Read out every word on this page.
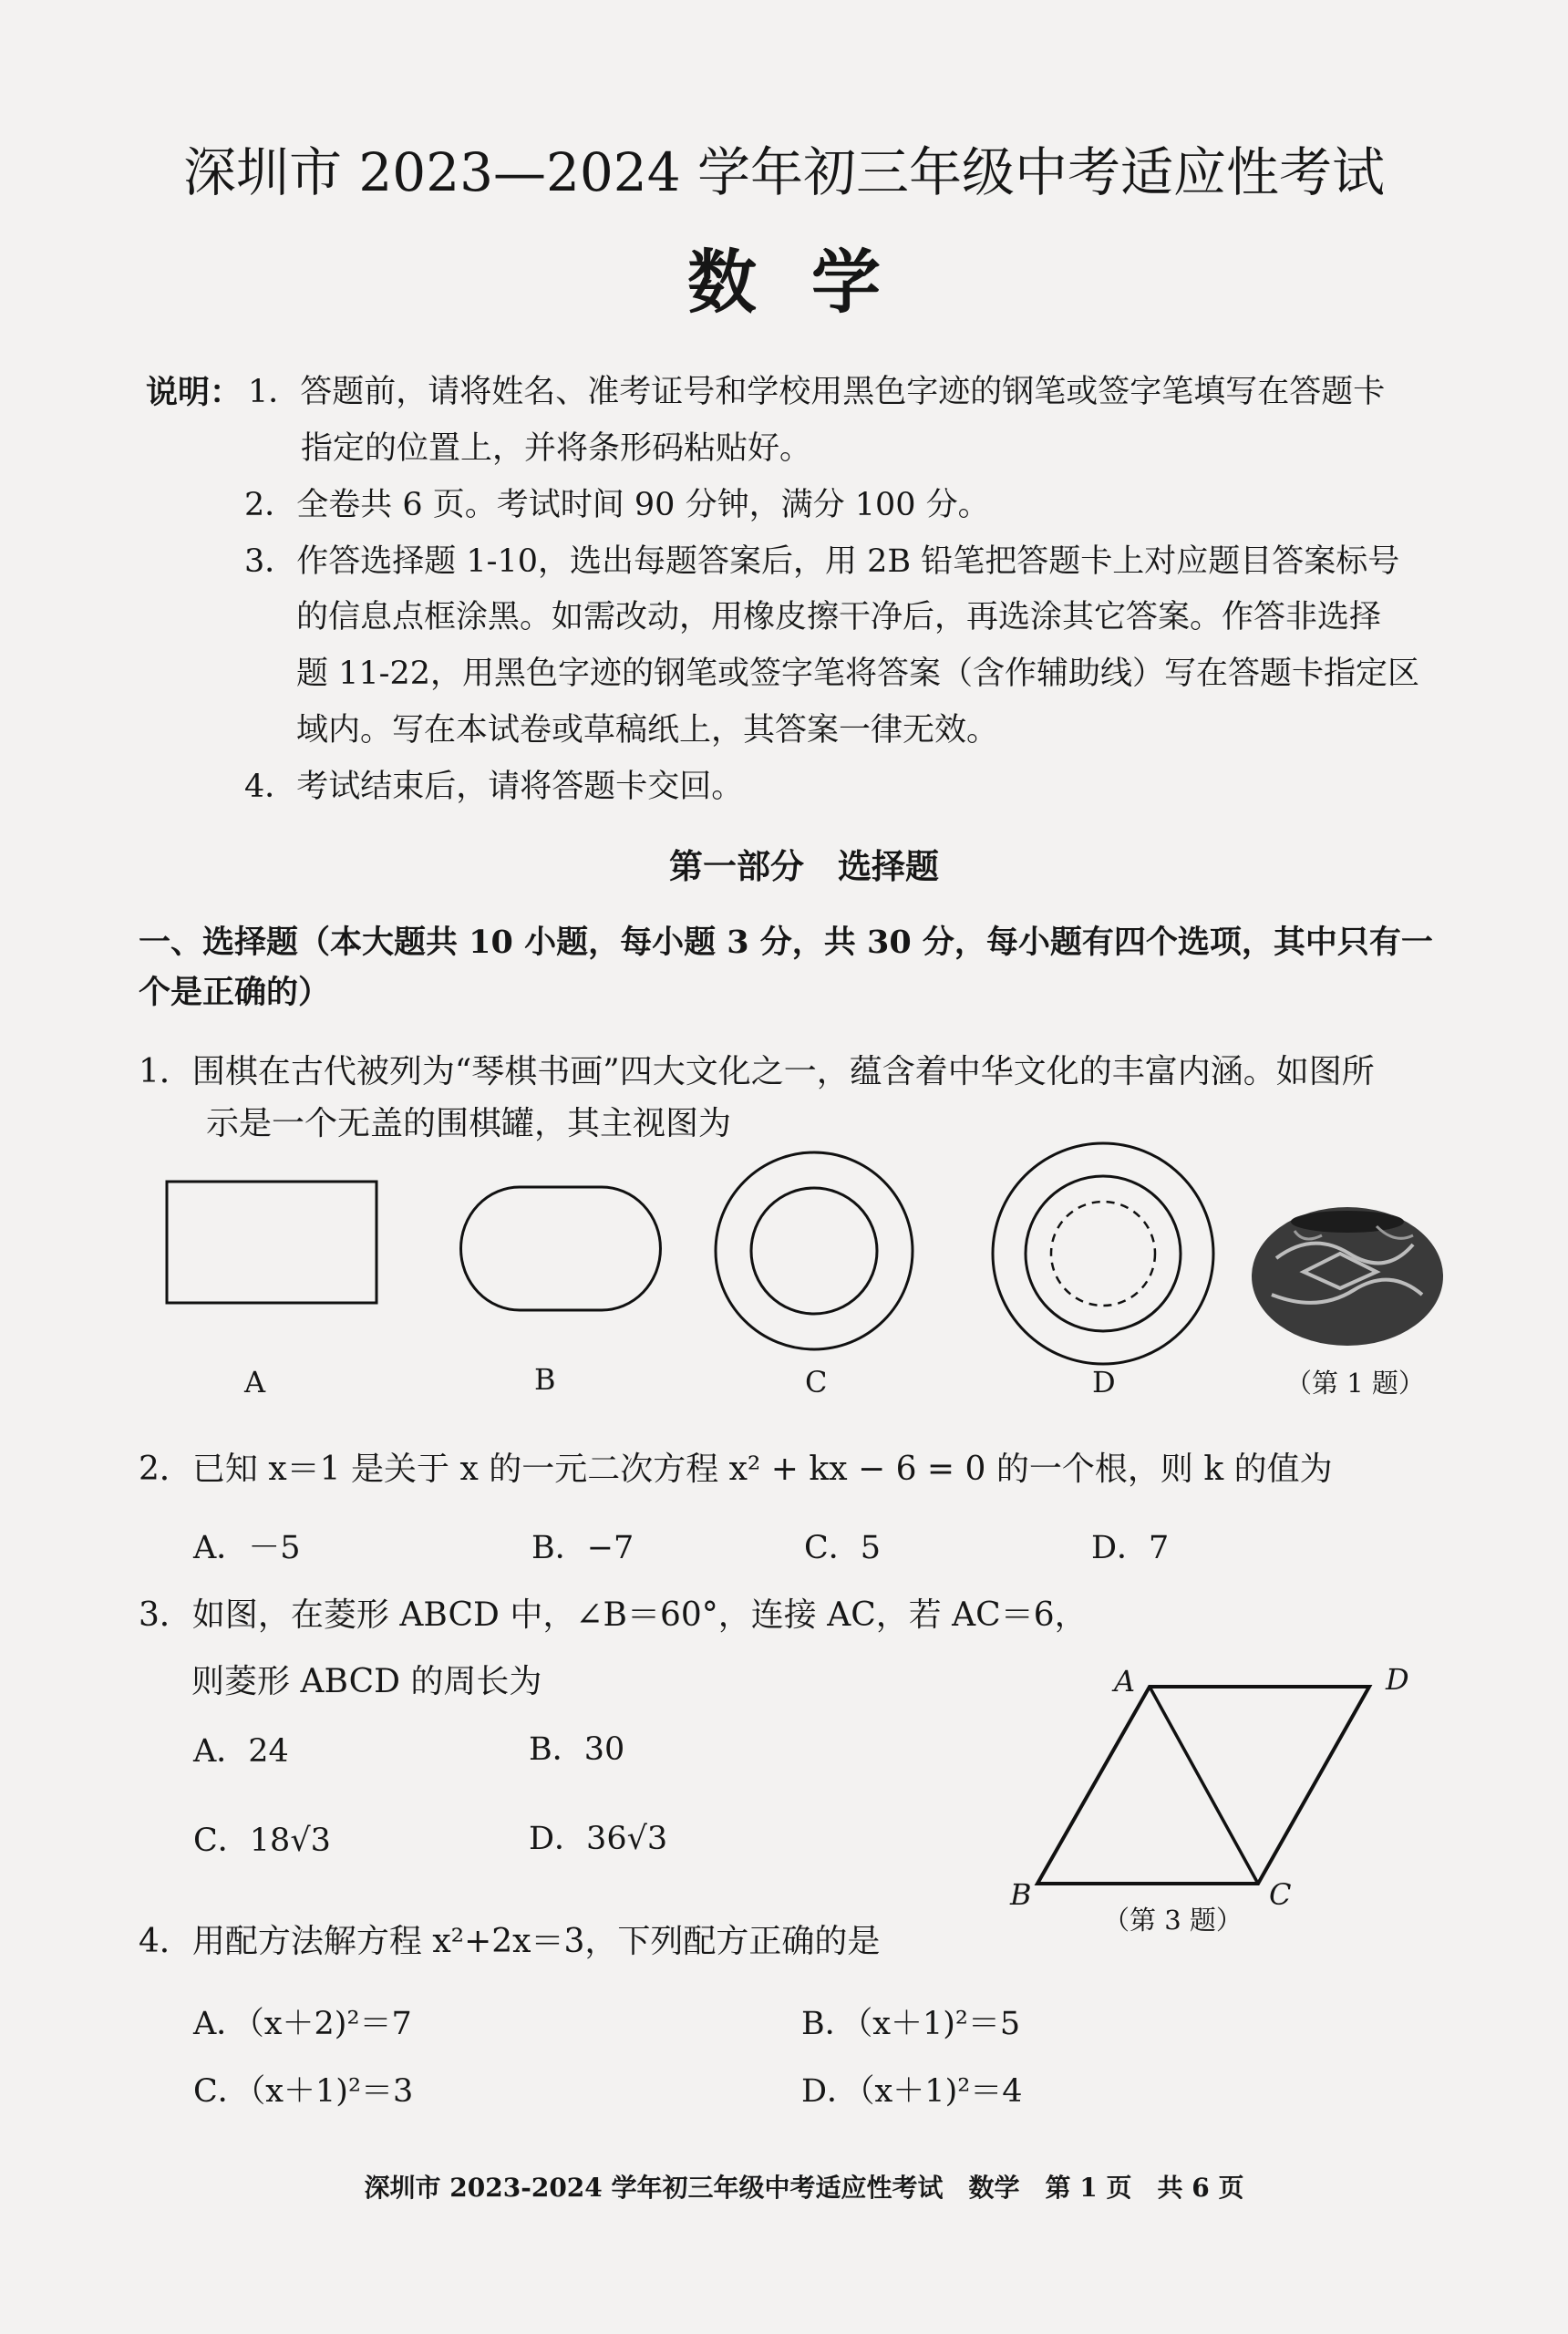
深圳市 2023—2024 学年初三年级中考适应性考试
数学
说明： 1．答题前，请将姓名、准考证号和学校用黑色字迹的钢笔或签字笔填写在答题卡
指定的位置上，并将条形码粘贴好。
2．全卷共 6 页。考试时间 90 分钟，满分 100 分。
3．作答选择题 1-10，选出每题答案后，用 2B 铅笔把答题卡上对应题目答案标号
的信息点框涂黑。如需改动，用橡皮擦干净后，再选涂其它答案。作答非选择
题 11-22，用黑色字迹的钢笔或签字笔将答案（含作辅助线）写在答题卡指定区
域内。写在本试卷或草稿纸上，其答案一律无效。
4．考试结束后，请将答题卡交回。
第一部分　选择题
一、选择题（本大题共 10 小题，每小题 3 分，共 30 分，每小题有四个选项，其中只有一
个是正确的）
1．围棋在古代被列为“琴棋书画”四大文化之一，蕴含着中华文化的丰富内涵。如图所
示是一个无盖的围棋罐，其主视图为
A	B	C	D	（第 1 题）
2．已知 x＝1 是关于 x 的一元二次方程 x² + kx − 6 = 0 的一个根，则 k 的值为
A．－5	B．−7	C．5	D．7
3．如图，在菱形 ABCD 中，∠B＝60°，连接 AC，若 AC＝6，
则菱形 ABCD 的周长为
A．24	B．30
C．18√3	D．36√3
A	D
B	C
（第 3 题）
4．用配方法解方程 x²+2x＝3，下列配方正确的是
A．（x＋2)²＝7	B．（x＋1)²＝5
C．（x＋1)²＝3	D．（x＋1)²＝4
深圳市 2023-2024 学年初三年级中考适应性考试　数学　第 1 页　共 6 页
